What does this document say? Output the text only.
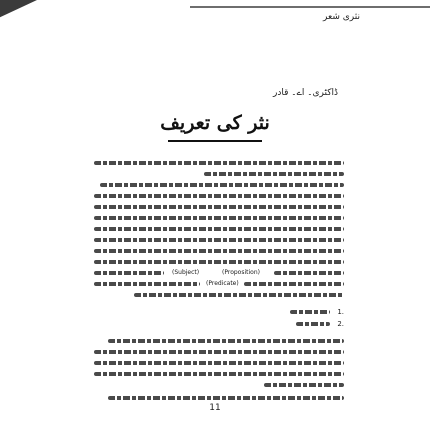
نثری شعر
ڈاکٹری۔ اے۔ قادر
نثر کی تعریف
(Subject)	(Proposition)
(Predicate)
1.
2.
11
